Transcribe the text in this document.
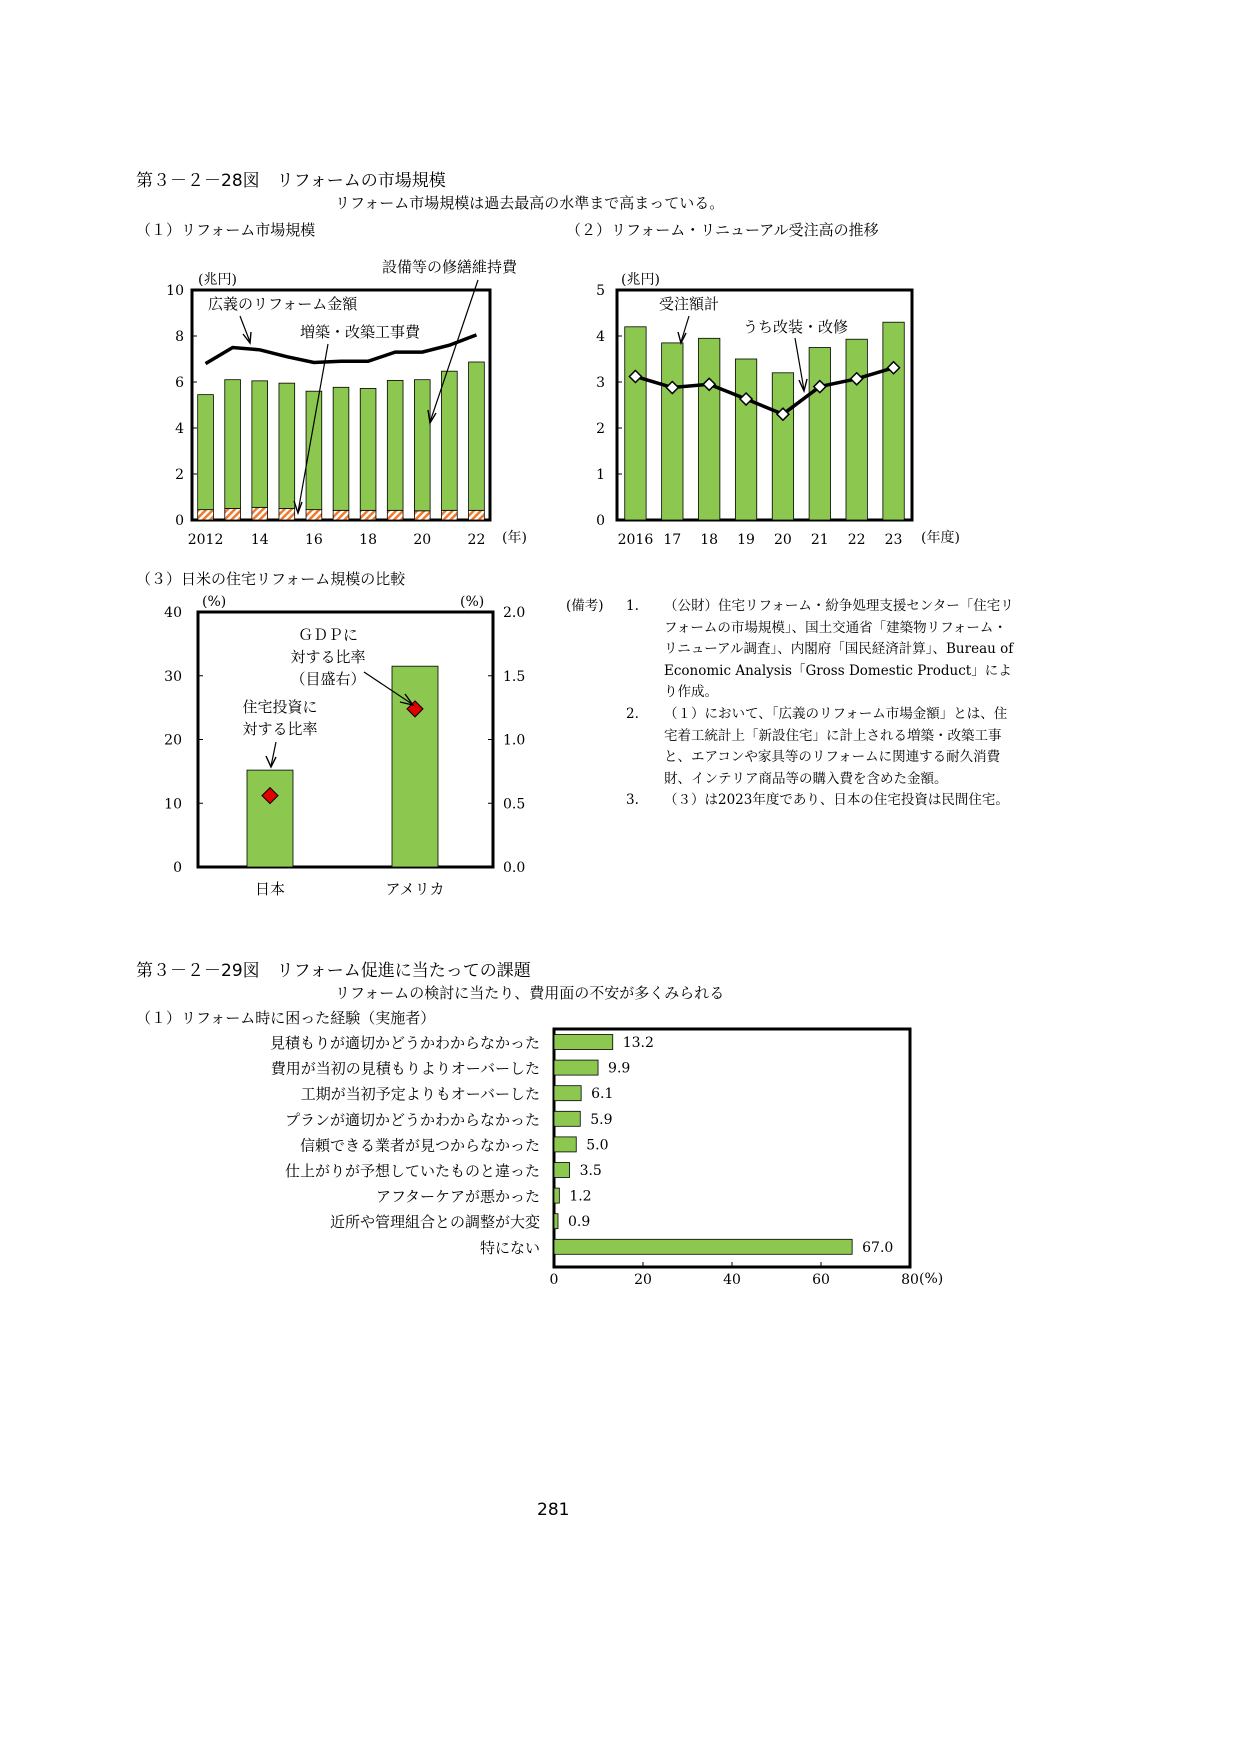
第３－２－28図　リフォームの市場規模
リフォーム市場規模は過去最高の水準まで高まっている。
（１）リフォーム市場規模	（２）リフォーム・リニューアル受注高の推移
（３）日米の住宅リフォーム規模の比較
0
2
4
6
8
10
2012 14	16	18	20	22
(兆円)
(年)
広義のリフォーム金額
増築・改築工事費
設備等の修繕維持費
0
1
2
3
4
5
2016 17 18 19 20 21 22 23
(兆円)
(年度)
受注額計
うち改装・改修
0
10
20
30
40
0.0
0.5
1.0
1.5
2.0
日本	アメリカ
(%)	(%)
ＧＤＰに
対する比率
（目盛右）
住宅投資に
対する比率
(備考) 1. （公財）住宅リフォーム・紛争処理支援センター「住宅リフォームの市場規模」、国土交通省「建築物リフォーム・リニューアル調査」、内閣府「国民経済計算」、Bureau of Economic Analysis「Gross Domestic Product」により作成。
2. （１）において、「広義のリフォーム市場金額」とは、住宅着工統計上「新設住宅」に計上される増築・改築工事と、エアコンや家具等のリフォームに関連する耐久消費財、インテリア商品等の購入費を含めた金額。
3. （３）は2023年度であり、日本の住宅投資は民間住宅。
第３－２－29図　リフォーム促進に当たっての課題
リフォームの検討に当たり、費用面の不安が多くみられる
（１）リフォーム時に困った経験（実施者）
見積もりが適切かどうかわからなかった
費用が当初の見積もりよりオーバーした
工期が当初予定よりもオーバーした
プランが適切かどうかわからなかった
信頼できる業者が見つからなかった
仕上がりが予想していたものと違った
アフターケアが悪かった
近所や管理組合との調整が大変
特にない
13.2
9.9
6.1
5.9
5.0
3.5
1.2
0.9
67.0
0	20	40	60	80 (%)
281
